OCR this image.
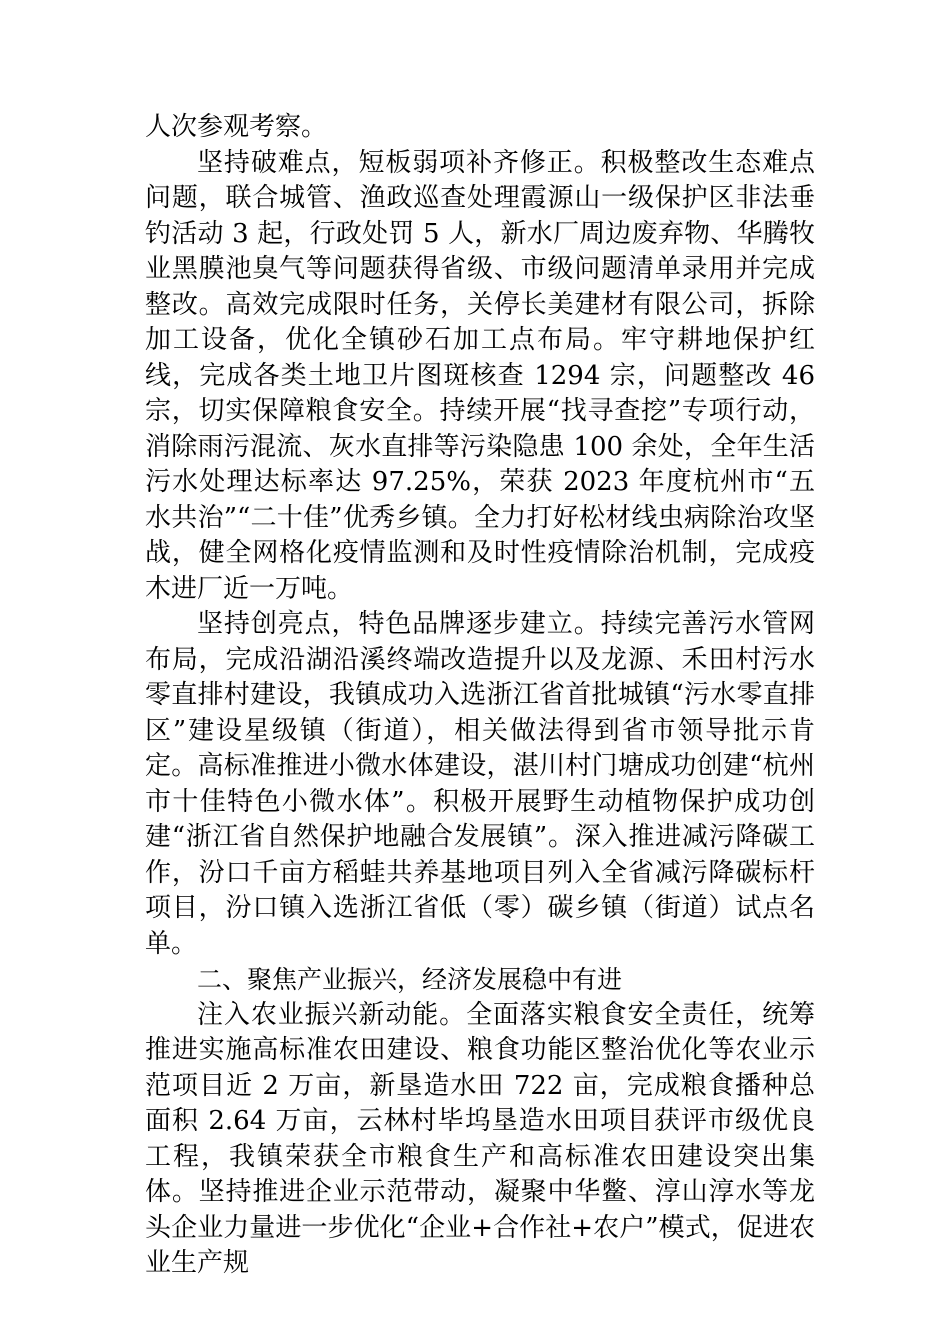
人次参观考察。

坚持破难点，短板弱项补齐修正。积极整改生态难点问题，联合城管、渔政巡查处理霞源山一级保护区非法垂钓活动 3 起，行政处罚 5 人，新水厂周边废弃物、华腾牧业黑膜池臭气等问题获得省级、市级问题清单录用并完成整改。高效完成限时任务，关停长美建材有限公司，拆除加工设备，优化全镇砂石加工点布局。牢守耕地保护红线，完成各类土地卫片图斑核查 1294 宗，问题整改 46 宗，切实保障粮食安全。持续开展“找寻查挖”专项行动，消除雨污混流、灰水直排等污染隐患 100 余处，全年生活污水处理达标率达 97.25%，荣获 2023 年度杭州市“五水共治”“二十佳”优秀乡镇。全力打好松材线虫病除治攻坚战，健全网格化疫情监测和及时性疫情除治机制，完成疫木进厂近一万吨。

坚持创亮点，特色品牌逐步建立。持续完善污水管网布局，完成沿湖沿溪终端改造提升以及龙源、禾田村污水零直排村建设，我镇成功入选浙江省首批城镇“污水零直排区”建设星级镇（街道），相关做法得到省市领导批示肯定。高标准推进小微水体建设，湛川村门塘成功创建“杭州市十佳特色小微水体”。积极开展野生动植物保护成功创建“浙江省自然保护地融合发展镇”。深入推进减污降碳工作，汾口千亩方稻蛙共养基地项目列入全省减污降碳标杆项目，汾口镇入选浙江省低（零）碳乡镇（街道）试点名单。

二、聚焦产业振兴，经济发展稳中有进

注入农业振兴新动能。全面落实粮食安全责任，统筹推进实施高标准农田建设、粮食功能区整治优化等农业示范项目近 2 万亩，新垦造水田 722 亩，完成粮食播种总面积 2.64 万亩，云林村毕坞垦造水田项目获评市级优良工程，我镇荣获全市粮食生产和高标准农田建设突出集体。坚持推进企业示范带动，凝聚中华鳖、淳山淳水等龙头企业力量进一步优化“企业+合作社+农户”模式，促进农业生产规
